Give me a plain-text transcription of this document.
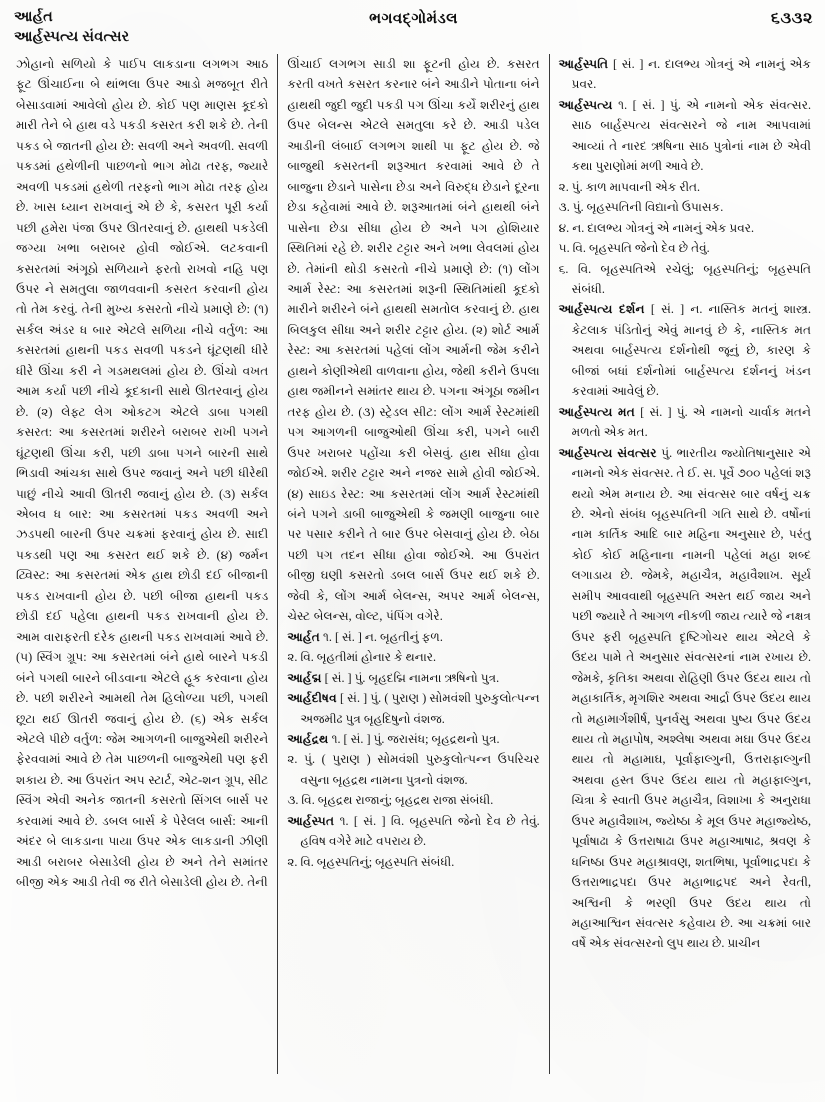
આર્હત
આર્હસ્પત્ય સંવત્સર
ભગવદ્ગોમંડલ	૬૩૩૨

ઝોહાનો સળિયો કે પાઈપ લાકડાના લગભગ આઠ ફૂટ ઊંચાઈના બે થાંભલા ઉપર આડો મજબૂત રીતે બેસાડવામાં આવેલો હોય છે. કોઈ પણ માણસ કૂદકો મારી તેને બે હાથ વડે પકડી કસરત કરી શકે છે. તેની પકડ બે જાતની હોય છે: સવળી અને અવળી. સવળી પકડમાં હથેળીની પાછળનો ભાગ મોઢા તરફ, જ્યારે અવળી પકડમાં હથેળી તરફનો ભાગ મોઢા તરફ હોય છે. ખાસ ધ્યાન રાખવાનું એ છે કે, કસરત પૂરી કર્યા પછી હમેરા પંજા ઉપર ઊતરવાનું છે. હાથથી પકડેલી જગ્યા ખભા બરાબર હોવી જોઈએ. લટકવાની કસરતમાં અંગૂઠો સળિયાને ફરતો રાખવો નહિ પણ ઉપર ને સમતુલા જાળવવાની કસરત કરવાની હોય તો તેમ કરવું. તેની મુખ્ય કસરતો નીચે પ્રમાણે છે: (૧) સર્કલ અંડર ધ બાર એટલે સળિયા નીચે વર્તુળ: આ કસરતમાં હાથની પકડ સવળી પકડને ઘૂંટણથી ધીરે ધીરે ઊંચા કરી ને ગડમથલમાં હોય છે. ઊંચો વખત આમ કર્યા પછી નીચે કૂદકાની સાથે ઊતરવાનું હોય છે. (૨) લેફ્ટ લેગ ઓકટગ એટલે ડાબા પગથી કસરત: આ કસરતમાં શરીરને બરાબર રાખી પગને ઘૂંટણથી ઊંચા કરી, પછી ડાબા પગને બારની સાથે ભિડાવી આંચકા સાથે ઉપર જવાનું અને પછી ધીરેથી પાછું નીચે આવી ઊતરી જવાનું હોય છે. (૩) સર્કલ એબવ ધ બાર: આ કસરતમાં પકડ અવળી અને ઝડપથી બારની ઉપર ચક્રમાં ફરવાનું હોય છે. સાદી પકડથી પણ આ કસરત થઈ શકે છે. (૪) જર્મન ટ્વિસ્ટ: આ કસરતમાં એક હાથ છોડી દઈ બીજાની પકડ રાખવાની હોય છે. પછી બીજા હાથની પકડ છોડી દઈ પહેલા હાથની પકડ રાખવાની હોય છે. આમ વારાફરતી દરેક હાથની પકડ રાખવામાં આવે છે. (૫) સ્વિંગ ગ્રૂપ: આ કસરતમાં બંને હાથે બારને પકડી બંને પગથી બારને બીડવાના એટલે હૂક કરવાના હોય છે. પછી શરીરને આમથી તેમ હિલોળ્યા પછી, પગથી છૂટા થઈ ઊતરી જવાનું હોય છે. (૬) એક સર્કલ એટલે પીછે વર્તુળ: જેમ આગળની બાજુએથી શરીરને ફેરવવામાં આવે છે તેમ પાછળની બાજુએથી પણ ફરી શકાય છે. આ ઉપરાંત અપ સ્ટાર્ટ, એટ-શન ગ્રૂપ, સીટ સ્વિંગ એવી અનેક જાતની કસરતો સિંગલ બાર્સ પર કરવામાં આવે છે. ડબલ બાર્સ કે પેરેલલ બાર્સ: આની અંદર બે લાકડાના પાયા ઉપર એક લાકડાની ઝીણી આડી બરાબર બેસાડેલી હોય છે અને તેને સમાંતર બીજી એક આડી તેવી જ રીતે બેસાડેલી હોય છે. તેની

ઊંચાઈ લગભગ સાડી શા ફૂટની હોય છે. કસરત કરતી વખતે કસરત કરનાર બંને આડીને પોતાના બંને હાથથી જુદી જુદી પકડી પગ ઊંચા કર્યે શરીરનું હાથ ઉપર બેલન્સ એટલે સમતુલા કરે છે. આડી પડેલ આડીની લંબાઈ લગભગ શાથી પા ફૂટ હોય છે. જે બાજુથી કસરતની શરૂઆત કરવામાં આવે છે તે બાજુના છેડાને પાસેના છેડા અને વિરુદ્ધ છેડાને દૂરના છેડા કહેવામાં આવે છે. શરૂઆતમાં બંને હાથથી બંને પાસેના છેડા સીધા હોય છે અને પગ હોશિયાર સ્થિતિમાં રહે છે. શરીર ટટ્ટાર અને ખભા લેવલમાં હોય છે. તેમાંની થોડી કસરતો નીચે પ્રમાણે છે: (૧) લોંગ આર્મ રેસ્ટ: આ કસરતમાં શરૂની સ્થિતિમાંથી કૂદકો મારીને શરીરને બંને હાથથી સમતોલ કરવાનું છે. હાથ બિલકુલ સીધા અને શરીર ટટ્ટાર હોય. (૨) શોર્ટ આર્મ રેસ્ટ: આ કસરતમાં પહેલાં લોંગ આર્મની જેમ કરીને હાથને કોણીએથી વાળવાના હોય, જેથી કરીને ઉપલા હાથ જમીનને સમાંતર થાય છે. પગના અંગૂઠા જમીન તરફ હોય છે. (૩) સ્ટ્રેડલ સીટ: લોંગ આર્મ રેસ્ટમાંથી પગ આગળની બાજુઓથી ઊંચા કરી, પગને બારી ઉપર ખરાબર પહોંચા કરી બેસવું. હાથ સીધા હોવા જોઈએ. શરીર ટટ્ટાર અને નજર સામે હોવી જોઈએ. (૪) સાઇડ રેસ્ટ: આ કસરતમાં લોંગ આર્મ રેસ્ટમાંથી બંને પગને ડાબી બાજુએથી કે જમણી બાજુના બાર પર પસાર કરીને તે બાર ઉપર બેસવાનું હોય છે. બેઠા પછી પગ તદન સીધા હોવા જોઈએ. આ ઉપરાંત બીજી ઘણી કસરતો ડબલ બાર્સ ઉપર થઈ શકે છે. જેવી કે, લોંગ આર્મ બેલન્સ, અપર આર્મ બેલન્સ, ચેસ્ટ બેલન્સ, વોલ્ટ, પંપિંગ વગેરે.

આર્હત ૧. [ સં. ] ન. બૃહતીનું ફળ.

૨. વિ. બૃહતીમાં હોનાર કે થનાર.

આર્હદ્મ [ સં. ] પું. બૃહદદ્મિ નામના ઋષિનો પુત્ર.

આર્હદીષવ [ સં. ] પું. ( પુરાણ ) સોમવંશી પુરુકુલોત્પન્ન અજમીઢ પુત્ર બૃહદિષુનો વંશજ.

આર્હદ્રથ ૧. [ સં. ] પું. જરાસંધ; બૃહદ્રથનો પુત્ર.

૨. પું. ( પુરાણ ) સોમવંશી પુરુકુલોત્પન્ન ઉપરિચર વસુના બૃહદ્રથ નામના પુત્રનો વંશજ.

૩. વિ. બૃહદ્રથ રાજાનું; બૃહદ્રથ રાજા સંબંધી.

આર્હસ્પત ૧. [ સં. ] વિ. બૃહસ્પતિ જેનો દેવ છે તેવું. હવિષ વગેરે માટે વપરાય છે.

૨. વિ. બૃહસ્પતિનું; બૃહસ્પતિ સંબંધી.

આર્હસ્પતિ [ સં. ] ન. દાલભ્ય ગોત્રનું એ નામનું એક પ્રવર.

આર્હસ્પત્ય ૧. [ સં. ] પું. એ નામનો એક સંવત્સર. સાઠ બાર્હસ્પત્ય સંવત્સરને જે નામ આપવામાં આવ્યાં તે નારદ ઋષિના સાઠ પુત્રોનાં નામ છે એવી કથા પુરાણોમાં મળી આવે છે.

૨. પું. કાળ માપવાની એક રીત.

૩. પું. બૃહસ્પતિની વિદ્યાનો ઉપાસક.

૪. ન. દાલભ્ય ગોત્રનું એ નામનું એક પ્રવર.

૫. વિ. બૃહસ્પતિ જેનો દેવ છે તેવું.

૬. વિ. બૃહસ્પતિએ રચેલું; બૃહસ્પતિનું; બૃહસ્પતિ સંબંધી.

આર્હસ્પત્ય દર્શન [ સં. ] ન. નાસ્તિક મતનું શાસ્ત્ર. કેટલાક પંડિતોનું એવું માનવું છે કે, નાસ્તિક મત અથવા બાર્હસ્પત્ય દર્શનોથી જૂનું છે, કારણ કે બીજાં બધાં દર્શનોમાં બાર્હસ્પત્ય દર્શનનું ખંડન કરવામાં આવેલું છે.

આર્હસ્પત્ય મત [ સં. ] પું. એ નામનો ચાર્વાક મતને મળતો એક મત.

આર્હસ્પત્ય સંવત્સર પું. ભારતીય જ્યોતિષાનુસાર એ નામનો એક સંવત્સર. તે ઈ. સ. પૂર્વે ૭૦૦ પહેલાં શરૂ થયો એમ મનાય છે. આ સંવત્સર બાર વર્ષનું ચક્ર છે. એનો સંબંધ બૃહસ્પતિની ગતિ સાથે છે. વર્ષોનાં નામ કાર્તિક આદિ બાર મહિના અનુસાર છે, પરંતુ કોઈ કોઈ મહિનાના નામની પહેલાં મહા શબ્દ લગાડાય છે. જેમકે, મહાચૈત્ર, મહાવૈશાખ. સૂર્ય સમીપ આવવાથી બૃહસ્પતિ અસ્ત થઈ જાય અને પછી જ્યારે તે આગળ નીકળી જાય ત્યારે જે નક્ષત્ર ઉપર ફરી બૃહસ્પતિ દૃષ્ટિગોચર થાય એટલે કે ઉદય પામે તે અનુસાર સંવત્સરનાં નામ રખાય છે. જેમકે, કૃતિકા અથવા રોહિણી ઉપર ઉદય થાય તો મહાકાર્તિક, મૃગશિર અથવા આર્દ્રા ઉપર ઉદય થાય તો મહામાર્ગશીર્ષ, પુનર્વસુ અથવા પુષ્ય ઉપર ઉદય થાય તો મહાપોષ, અશ્લેષા અથવા મઘા ઉપર ઉદય થાય તો મહામાઘ, પૂર્વાફાલ્ગુની, ઉત્તરાફાલ્ગુની અથવા હસ્ત ઉપર ઉદય થાય તો મહાફાલ્ગુન, ચિત્રા કે સ્વાતી ઉપર મહાચૈત્ર, વિશાખા કે અનુરાધા ઉપર મહાવૈશાખ, જ્યેષ્ઠા કે મૂલ ઉપર મહાજ્યેષ્ઠ, પૂર્વાષાઢા કે ઉત્તરાષાઢા ઉપર મહાઆષાઢ, શ્રવણ કે ધનિષ્ઠા ઉપર મહાશ્રાવણ, શતભિષા, પૂર્વાભાદ્રપદા કે ઉત્તરાભાદ્રપદા ઉપર મહાભાદ્રપદ અને રેવતી, અશ્વિની કે ભરણી ઉપર ઉદય થાય તો મહાઆશ્વિન સંવત્સર કહેવાય છે. આ ચક્રમાં બાર વર્ષે એક સંવત્સરનો લુપ થાય છે. પ્રાચીન
